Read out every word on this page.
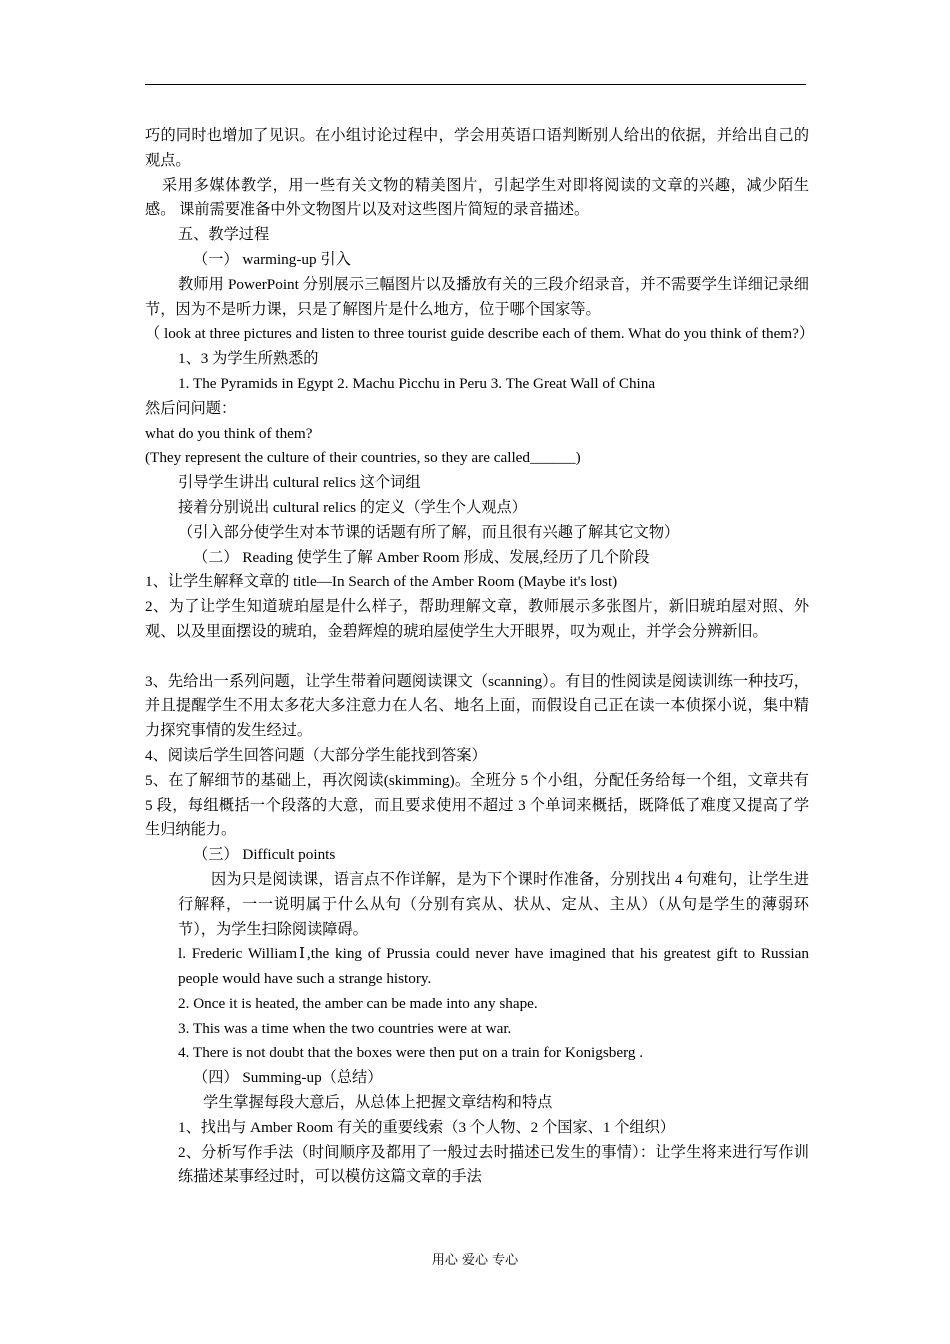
巧的同时也增加了见识。在小组讨论过程中，学会用英语口语判断别人给出的依据，并给出自己的观点。

采用多媒体教学，用一些有关文物的精美图片，引起学生对即将阅读的文章的兴趣，减少陌生感。 课前需要准备中外文物图片以及对这些图片简短的录音描述。

五、教学过程

（一） warming-up 引入

教师用 PowerPoint 分别展示三幅图片以及播放有关的三段介绍录音，并不需要学生详细记录细节，因为不是听力课，只是了解图片是什么地方，位于哪个国家等。

（ look at three pictures and listen to three tourist guide describe each of them. What do you think of them?）

1、3 为学生所熟悉的

1. The Pyramids in Egypt 2. Machu Picchu in Peru 3. The Great Wall of China

然后问问题：

what do you think of them?

(They represent the culture of their countries, so they are called______)

引导学生讲出 cultural relics 这个词组

接着分别说出 cultural relics 的定义（学生个人观点）

（引入部分使学生对本节课的话题有所了解，而且很有兴趣了解其它文物）

（二） Reading 使学生了解 Amber Room 形成、发展,经历了几个阶段

1、让学生解释文章的 title—In Search of the Amber Room (Maybe it's lost)

2、为了让学生知道琥珀屋是什么样子，帮助理解文章，教师展示多张图片，新旧琥珀屋对照、外观、以及里面摆设的琥珀，金碧辉煌的琥珀屋使学生大开眼界，叹为观止，并学会分辨新旧。

3、先给出一系列问题，让学生带着问题阅读课文（scanning）。有目的性阅读是阅读训练一种技巧，并且提醒学生不用太多花大多注意力在人名、地名上面，而假设自己正在读一本侦探小说，集中精力探究事情的发生经过。

4、阅读后学生回答问题（大部分学生能找到答案）

5、在了解细节的基础上，再次阅读(skimming)。全班分 5 个小组，分配任务给每一个组，文章共有 5 段，每组概括一个段落的大意，而且要求使用不超过 3 个单词来概括，既降低了难度又提高了学生归纳能力。

（三） Difficult points

因为只是阅读课，语言点不作详解，是为下个课时作准备，分别找出 4 句难句，让学生进行解释，一一说明属于什么从句（分别有宾从、状从、定从、主从）（从句是学生的薄弱环节），为学生扫除阅读障碍。

l. Frederic WilliamⅠ,the king of Prussia could never have imagined that his greatest gift to Russian people would have such a strange history.

2. Once it is heated, the amber can be made into any shape.

3. This was a time when the two countries were at war.

4. There is not doubt that the boxes were then put on a train for Konigsberg .

（四） Summing-up（总结）

学生掌握每段大意后，从总体上把握文章结构和特点

1、找出与 Amber Room 有关的重要线索（3 个人物、2 个国家、1 个组织）

2、分析写作手法（时间顺序及都用了一般过去时描述已发生的事情）：让学生将来进行写作训练描述某事经过时，可以模仿这篇文章的手法

用心 爱心 专心
